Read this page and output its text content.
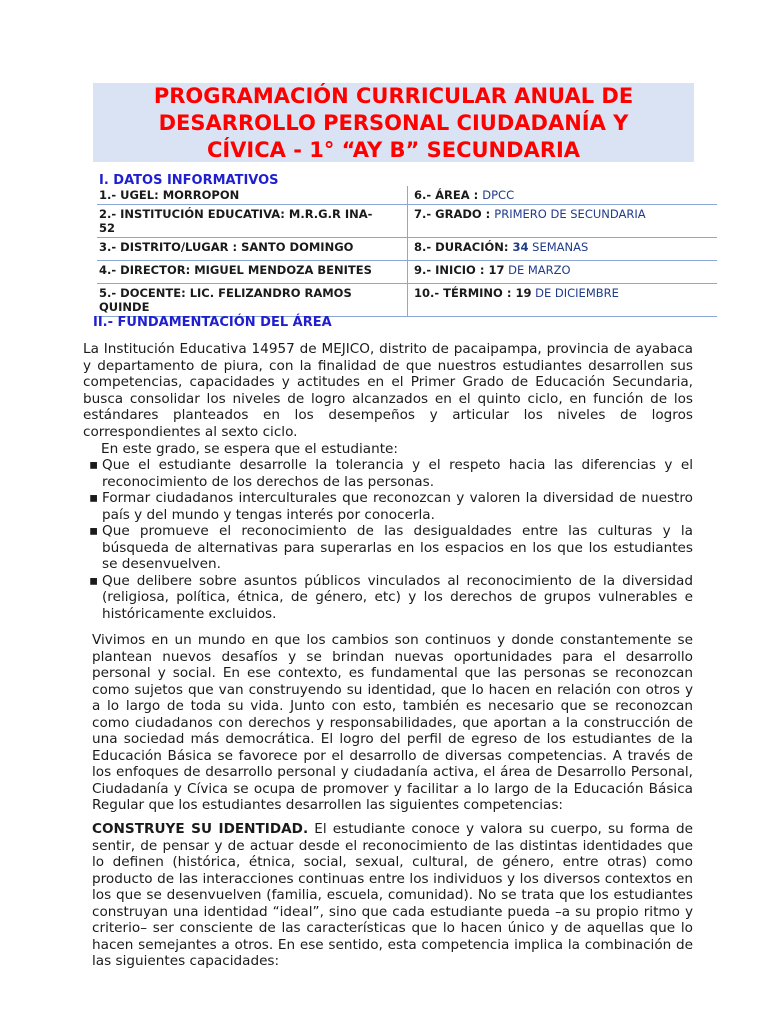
PROGRAMACIÓN CURRICULAR ANUAL DE
DESARROLLO PERSONAL CIUDADANÍA Y
CÍVICA - 1° “AY B” SECUNDARIA
I. DATOS INFORMATIVOS
1.- UGEL: MORROPON	6.- ÁREA : DPCC
2.- INSTITUCIÓN EDUCATIVA: M.R.G.R INA-
52	7.- GRADO : PRIMERO DE SECUNDARIA
3.- DISTRITO/LUGAR : SANTO DOMINGO	8.- DURACIÓN: 34 SEMANAS
4.- DIRECTOR: MIGUEL MENDOZA BENITES	9.- INICIO : 17 DE MARZO
5.- DOCENTE: LIC. FELIZANDRO RAMOS
QUINDE	10.- TÉRMINO : 19 DE DICIEMBRE
II.- FUNDAMENTACIÓN DEL ÁREA
La Institución Educativa 14957 de MEJICO, distrito de pacaipampa, provincia de ayabaca y departamento de piura, con la finalidad de que nuestros estudiantes desarrollen sus competencias, capacidades y actitudes en el Primer Grado de Educación Secundaria, busca consolidar los niveles de logro alcanzados en el quinto ciclo, en función de los estándares planteados en los desempeños y articular los niveles de logros correspondientes al sexto ciclo.
En este grado, se espera que el estudiante:
▪ Que el estudiante desarrolle la tolerancia y el respeto hacia las diferencias y el reconocimiento de los derechos de las personas.
▪ Formar ciudadanos interculturales que reconozcan y valoren la diversidad de nuestro país y del mundo y tengas interés por conocerla.
▪ Que promueve el reconocimiento de las desigualdades entre las culturas y la búsqueda de alternativas para superarlas en los espacios en los que los estudiantes se desenvuelven.
▪ Que delibere sobre asuntos públicos vinculados al reconocimiento de la diversidad (religiosa, política, étnica, de género, etc) y los derechos de grupos vulnerables e históricamente excluidos.
Vivimos en un mundo en que los cambios son continuos y donde constantemente se plantean nuevos desafíos y se brindan nuevas oportunidades para el desarrollo personal y social. En ese contexto, es fundamental que las personas se reconozcan como sujetos que van construyendo su identidad, que lo hacen en relación con otros y a lo largo de toda su vida. Junto con esto, también es necesario que se reconozcan como ciudadanos con derechos y responsabilidades, que aportan a la construcción de una sociedad más democrática. El logro del perfil de egreso de los estudiantes de la Educación Básica se favorece por el desarrollo de diversas competencias. A través de los enfoques de desarrollo personal y ciudadanía activa, el área de Desarrollo Personal, Ciudadanía y Cívica se ocupa de promover y facilitar a lo largo de la Educación Básica Regular que los estudiantes desarrollen las siguientes competencias:
CONSTRUYE SU IDENTIDAD. El estudiante conoce y valora su cuerpo, su forma de sentir, de pensar y de actuar desde el reconocimiento de las distintas identidades que lo definen (histórica, étnica, social, sexual, cultural, de género, entre otras) como producto de las interacciones continuas entre los individuos y los diversos contextos en los que se desenvuelven (familia, escuela, comunidad). No se trata que los estudiantes construyan una identidad “ideal”, sino que cada estudiante pueda –a su propio ritmo y criterio– ser consciente de las características que lo hacen único y de aquellas que lo hacen semejantes a otros. En ese sentido, esta competencia implica la combinación de las siguientes capacidades:
